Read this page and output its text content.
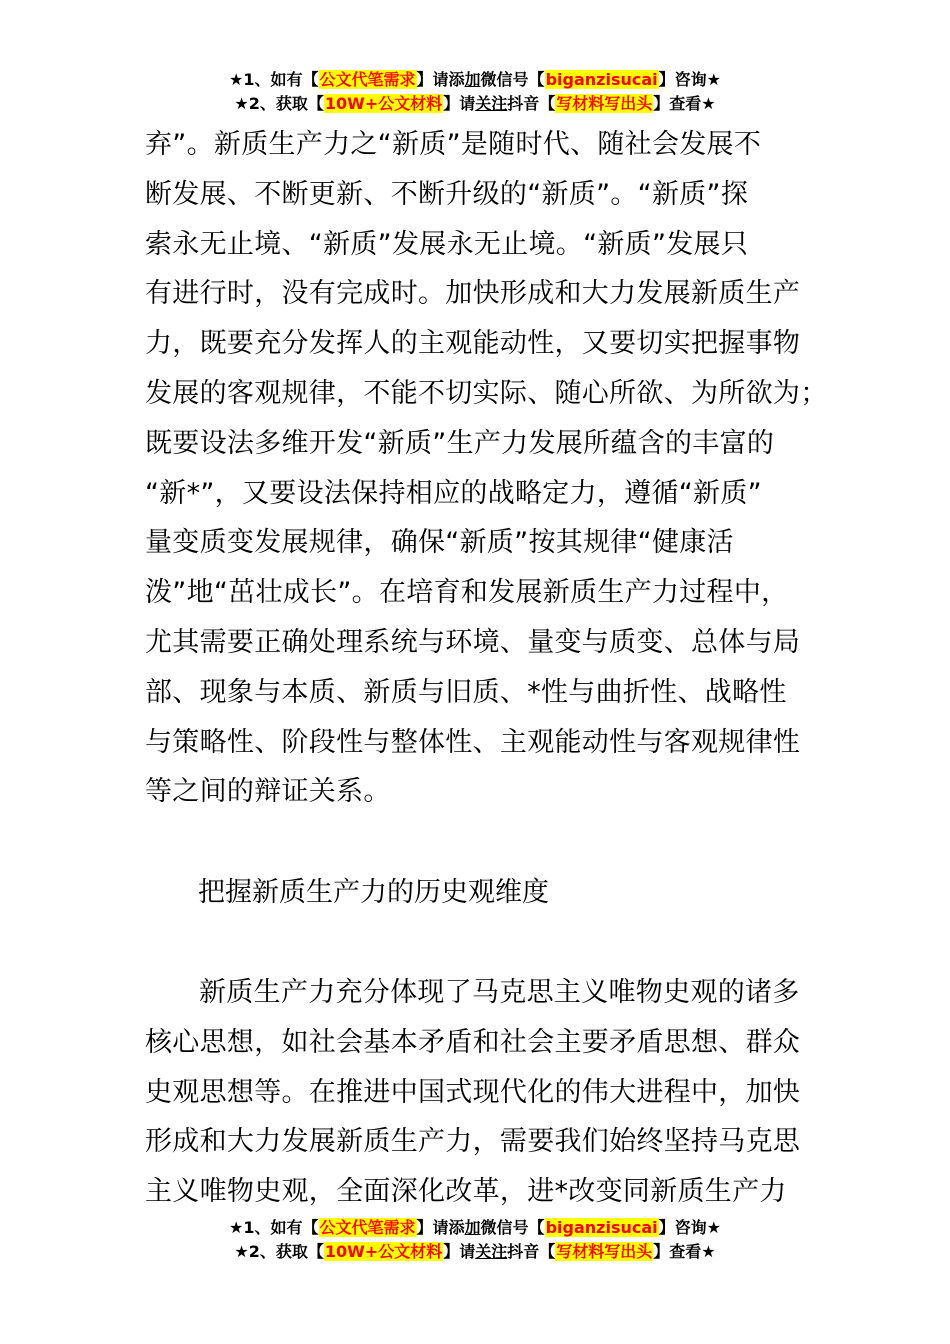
★1、如有【公文代笔需求】请添加微信号【biganzisucai】咨询★
★2、获取【10W+公文材料】请关注抖音【写材料写出头】查看★
弃”。新质生产力之“新质”是随时代、随社会发展不
断发展、不断更新、不断升级的“新质”。“新质”探
索永无止境、“新质”发展永无止境。“新质”发展只
有进行时，没有完成时。加快形成和大力发展新质生产
力，既要充分发挥人的主观能动性，又要切实把握事物
发展的客观规律，不能不切实际、随心所欲、为所欲为；
既要设法多维开发“新质”生产力发展所蕴含的丰富的
“新*”，又要设法保持相应的战略定力，遵循“新质”
量变质变发展规律，确保“新质”按其规律“健康活
泼”地“茁壮成长”。在培育和发展新质生产力过程中，
尤其需要正确处理系统与环境、量变与质变、总体与局
部、现象与本质、新质与旧质、*性与曲折性、战略性
与策略性、阶段性与整体性、主观能动性与客观规律性
等之间的辩证关系。
把握新质生产力的历史观维度
新质生产力充分体现了马克思主义唯物史观的诸多
核心思想，如社会基本矛盾和社会主要矛盾思想、群众
史观思想等。在推进中国式现代化的伟大进程中，加快
形成和大力发展新质生产力，需要我们始终坚持马克思
主义唯物史观，全面深化改革，进*改变同新质生产力
★1、如有【公文代笔需求】请添加微信号【biganzisucai】咨询★
★2、获取【10W+公文材料】请关注抖音【写材料写出头】查看★
